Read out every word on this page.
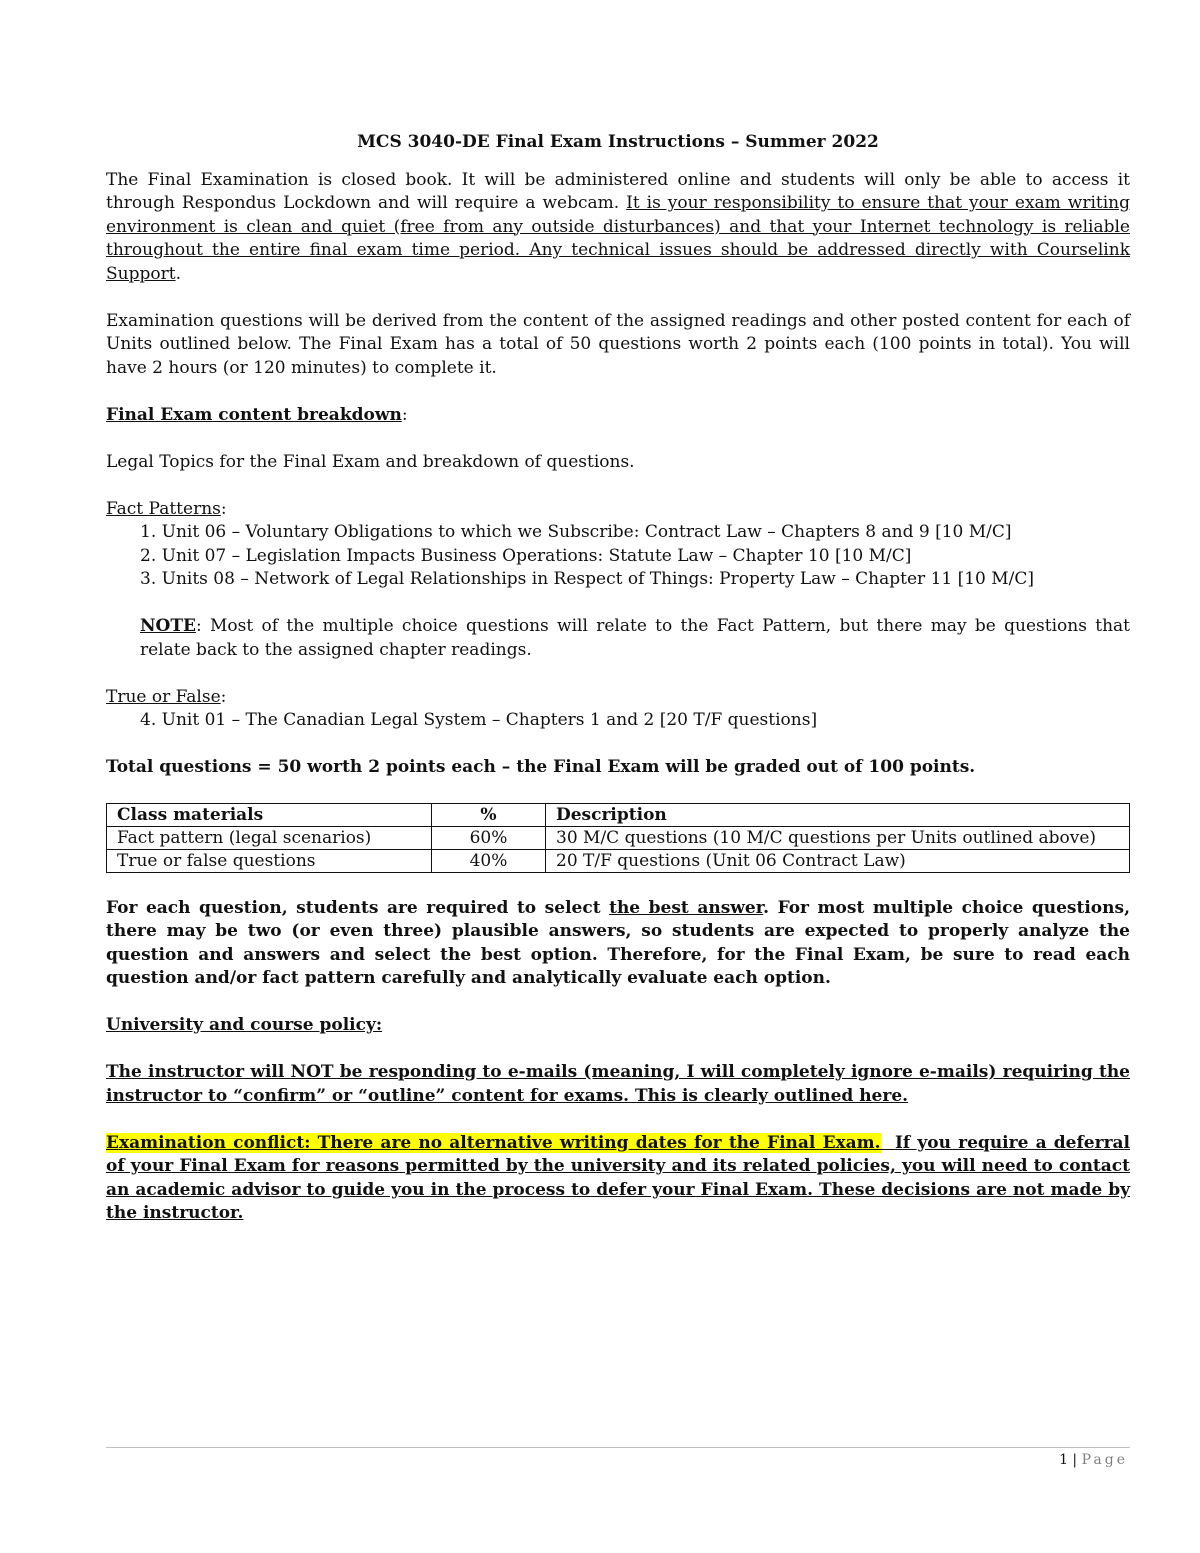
MCS 3040-DE Final Exam Instructions – Summer 2022

The Final Examination is closed book. It will be administered online and students will only be able to access it through Respondus Lockdown and will require a webcam. It is your responsibility to ensure that your exam writing environment is clean and quiet (free from any outside disturbances) and that your Internet technology is reliable throughout the entire final exam time period. Any technical issues should be addressed directly with Courselink Support.

Examination questions will be derived from the content of the assigned readings and other posted content for each of Units outlined below. The Final Exam has a total of 50 questions worth 2 points each (100 points in total). You will have 2 hours (or 120 minutes) to complete it.

Final Exam content breakdown:

Legal Topics for the Final Exam and breakdown of questions.

Fact Patterns:

1. Unit 06 – Voluntary Obligations to which we Subscribe: Contract Law – Chapters 8 and 9 [10 M/C]

2. Unit 07 – Legislation Impacts Business Operations: Statute Law – Chapter 10 [10 M/C]

3. Units 08 – Network of Legal Relationships in Respect of Things: Property Law – Chapter 11 [10 M/C]

NOTE: Most of the multiple choice questions will relate to the Fact Pattern, but there may be questions that relate back to the assigned chapter readings.

True or False:

4. Unit 01 – The Canadian Legal System – Chapters 1 and 2 [20 T/F questions]

Total questions = 50 worth 2 points each – the Final Exam will be graded out of 100 points.

Class materials	%	Description
Fact pattern (legal scenarios)	60%	30 M/C questions (10 M/C questions per Units outlined above)
True or false questions	40%	20 T/F questions (Unit 06 Contract Law)

For each question, students are required to select the best answer. For most multiple choice questions, there may be two (or even three) plausible answers, so students are expected to properly analyze the question and answers and select the best option. Therefore, for the Final Exam, be sure to read each question and/or fact pattern carefully and analytically evaluate each option.

University and course policy:

The instructor will NOT be responding to e-mails (meaning, I will completely ignore e-mails) requiring the instructor to “confirm” or “outline” content for exams. This is clearly outlined here.

Examination conflict: There are no alternative writing dates for the Final Exam. If you require a deferral of your Final Exam for reasons permitted by the university and its related policies, you will need to contact an academic advisor to guide you in the process to defer your Final Exam. These decisions are not made by the instructor.

1 | Page
